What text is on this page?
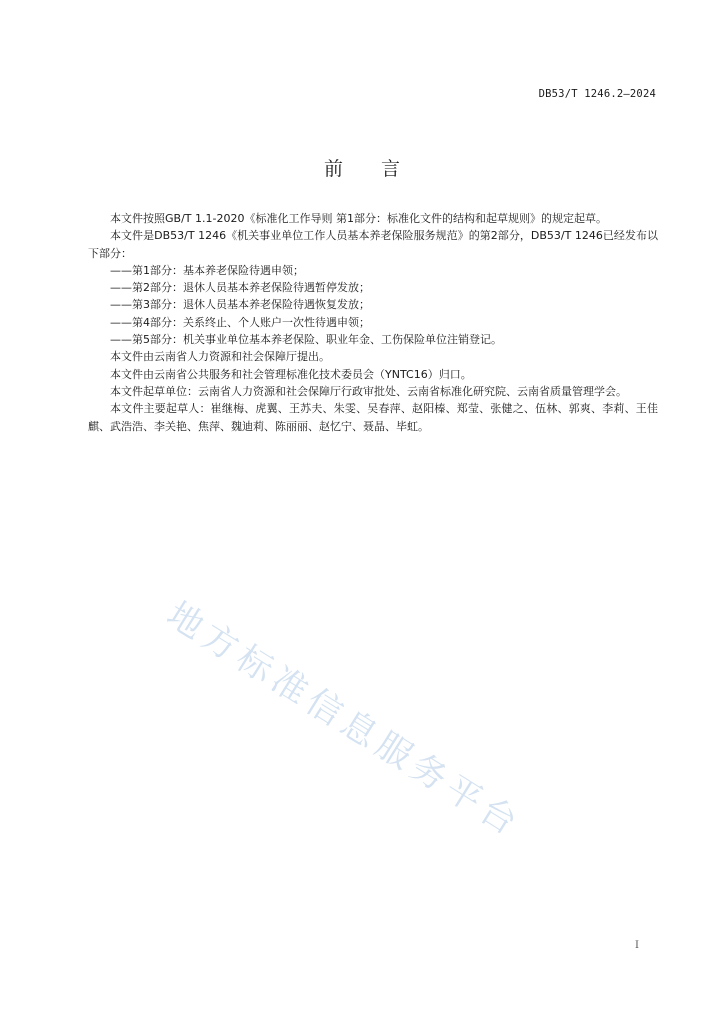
DB53/T 1246.2—2024
前言

本文件按照GB/T 1.1-2020《标准化工作导则 第1部分：标准化文件的结构和起草规则》的规定起草。

本文件是DB53/T 1246《机关事业单位工作人员基本养老保险服务规范》的第2部分，DB53/T 1246已经发布以下部分：

——第1部分：基本养老保险待遇申领；
——第2部分：退休人员基本养老保险待遇暂停发放；
——第3部分：退休人员基本养老保险待遇恢复发放；
——第4部分：关系终止、个人账户一次性待遇申领；
——第5部分：机关事业单位基本养老保险、职业年金、工伤保险单位注销登记。

本文件由云南省人力资源和社会保障厅提出。

本文件由云南省公共服务和社会管理标准化技术委员会（YNTC16）归口。

本文件起草单位：云南省人力资源和社会保障厅行政审批处、云南省标准化研究院、云南省质量管理学会。

本文件主要起草人：崔继梅、虎翼、王苏夫、朱雯、吴春萍、赵阳榛、郑莹、张健之、伍林、郭爽、李莉、王佳麒、武浩浩、李关艳、焦萍、魏迪莉、陈丽丽、赵忆宁、聂晶、毕虹。

地方标准信息服务平台
I
